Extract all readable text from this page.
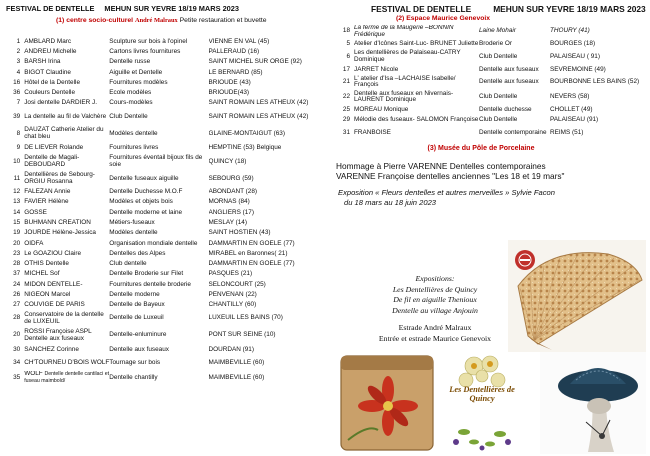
FESTIVAL DE DENTELLE MEHUN SUR YEVRE 18/19 MARS 2023
(1) centre socio-culturel André Malraux Petite restauration et buvette
1	AMBLARD Marc	Sculpture sur bois à l'opinel	VIENNE EN VAL (45)
2	ANDREU Michelle	Cartons livres fournitures	PALLERAUD (16)
3	BARSH Irina	Dentelle russe	SAINT MICHEL SUR ORGE (92)
4	BIGOT Claudine	Aiguille et Dentelle	LE BERNARD (85)
16	Hôtel de la Dentelle	Fournitures modèles	BRIOUDE (43)
36	Couleurs Dentelle	Ecole modèles	BRIOUDE(43)
7	Josi dentelle DARDIER J.	Cours-modèles	SAINT ROMAIN LES ATHEUX (42)
39	La dentelle au fil de Valchère	Club Dentelle	SAINT ROMAIN LES ATHEUX (42)
8	DAUZAT Catherie Atelier du chat bleu	Modèles dentelle	GLAINE-MONTAIGUT (63)
9	DE LIEVER Rolande	Fournitures livres	HEMPTINE (53) Belgique
10	Dentelle de Magali-DEBOUDARD	Fournitures éventail bijoux fils de soie	QUINCY (18)
11	Dentellières de Sebourg-ORGIU Rosanna	Dentelle fuseaux aiguille	SEBOURG (59)
12	FALEZAN Annie	Dentelle Duchesse M.O.F	ABONDANT (28)
13	FAVIER Hélène	Modèles et objets bois	MORNAS (84)
14	GOSSE	Dentelle moderne et laine	ANGLIERS (17)
15	BUHMANN CREATION	Métiers-fuseaux	MESLAY (14)
19	JOURDE Hélène-Jessica	Modèles dentelle	SAINT HOSTIEN (43)
20	OIDFA	Organisation mondiale dentelle	DAMMARTIN EN GOELE (77)
23	Le GOAZIOU Claire	Dentelles des Alpes	MIRABEL en Baronnes( 21)
28	OTHIS Dentelle	Club dentelle	DAMMARTIN EN GOELE (77)
37	MICHEL Sof	Dentelle Broderie sur Filet	PASQUES (21)
24	MIDON DENTELLE-	Fournitures dentelle broderie	SELONCOURT (25)
26	NIGEON Marcel	Dentelle moderne	PENVENAN (22)
27	COUVIGE DE PARIS	Dentelle de Bayeux	CHANTILLY (60)
28	Conservatoire de la dentelle de LUXEUIL	Dentelle de Luxeuil	LUXEUIL LES BAINS (70)
20	ROSSI Françoise ASPL Dentelle aux fuseaux	Dentelle-enluminure	PONT SUR SEINE (10)
30	SANCHEZ Corinne	Dentelle aux fuseaux	DOURDAN (91)
34	CH'TOURNEU D'BOIS WOLF	Tournage sur bois	MAIMBEVILLE (60)
35	WOLF Dentelle dentelle cantilaci et fuseau maimbold/	Dentelle chantilly	MAIMBEVILLE (60)
FESTIVAL DE DENTELLE	MEHUN SUR YEVRE 18/19 MARS 2023
(2) Espace Maurice Genevoix
18	La ferme de la Maugerie –BONNIN Frédérique	Laine Mohair	THOURY (41)
5	Atelier d'Icônes Saint-Luc- BRUNET Juliette	Broderie Or	BOURGES (18)
6	Les dentellières de Palaiseau-CATRY Dominique	Club Dentelle	PALAISEAU ( 91)
17	JARRET Nicole	Dentelle aux fuseaux	SEVREMOINE (49)
21	L' atelier d'Isa –LACHAISE Isabelle/ François	Dentelle aux fuseaux	BOURBONNE LES BAINS (52)
22	Dentelle aux fuseaux en Nivernais-LAURENT Dominique	Club Dentelle	NEVERS (58)
25	MOREAU Monique	Dentelle duchesse	CHOLLET (49)
29	Mélodie des fuseaux- SALOMON Françoise	Club Dentelle	PALAISEAU (91)
31	FRANBOISE	Dentelle contemporaine	REIMS (51)
(3) Musée du Pôle de Porcelaine
Hommage à Pierre VARENNE Dentelles contemporaines
VARENNE Françoise dentelles anciennes "Les 18 et 19 mars"
Exposition « Fleurs dentelles et autres merveilles » Sylvie Facon
du 18 mars au 18 juin 2023
Expositions:
Les Dentellières de Quincy
De fil en aiguille Thenioux
Dentelle au village Anjouin
Estrade André Malraux
Entrée et estrade Maurice Genevoix
Les Dentellières de Quincy
